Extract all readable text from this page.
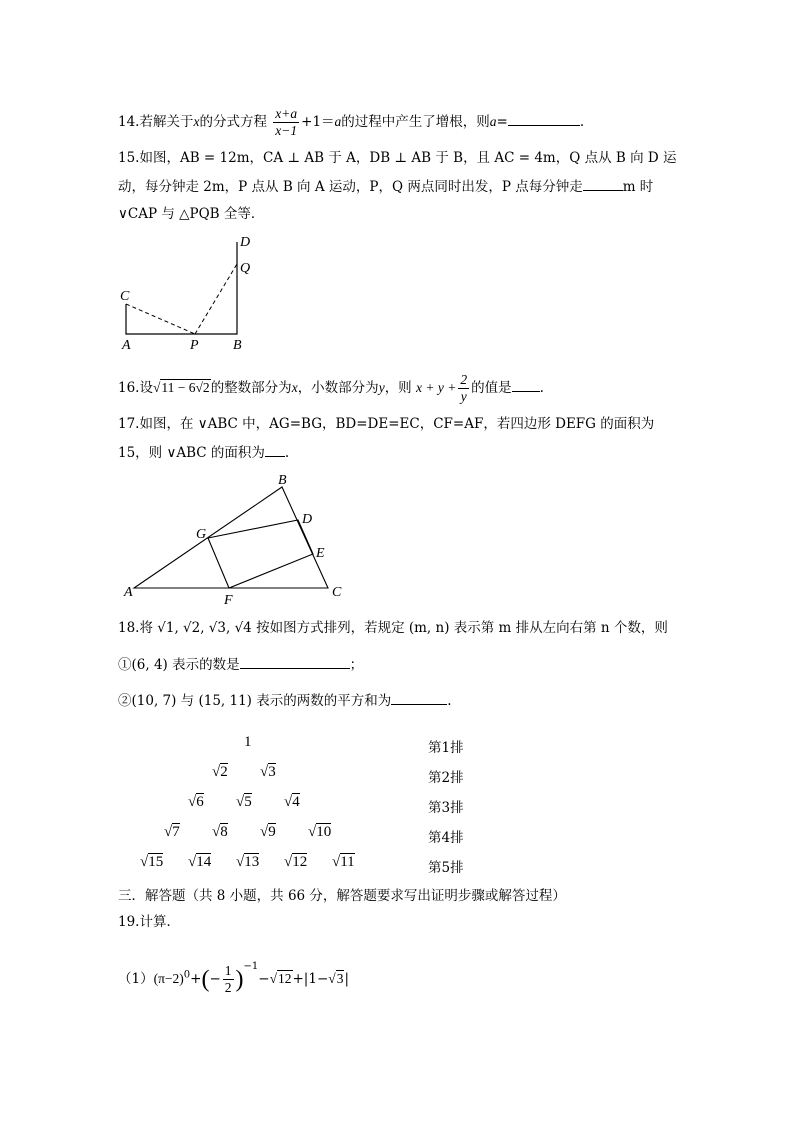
14.若解关于x的分式方程 $\frac{x+a}{x-1} +1=a$的过程中产生了增根，则a=	.
15.如图，AB = 12m，CA ⊥ AB 于 A，DB ⊥ AB 于 B，且 AC = 4m，Q 点从 B 向 D 运
动，每分钟走 2m，P 点从 B 向 A 运动，P，Q 两点同时出发，P 点每分钟走	m 时
∨CAP 与 △PQB 全等．
C
A	P B
D
Q
16.设√11 − 6√2的整数部分为x，小数部分为y，则 $x + y + \frac{2}{y}$ 的值是 .
17.如图，在 ∨ABC 中，AG=BG，BD=DE=EC，CF=AF，若四边形 DEFG 的面积为
15，则 ∨ABC 的面积为 .
A
B
C
D
E
F
G
18.将 √1, √2, √3, √4 按如图方式排列，若规定 (m, n) 表示第 m 排从左向右第 n 个数，则
①(6, 4) 表示的数是	；
②(10, 7) 与 (15, 11) 表示的两数的平方和为	.
第1排
1
第2排
√2 √3
第3排
√6 √5 √4
第4排
√7 √8 √9 √10
第5排
√15 √14 √13 √12 √11
三．解答题（共 8 小题，共 66 分，解答题要求写出证明步骤或解答过程）
19.计算．
$(1)(\pi-2)^0+(- \frac{1}{2} )^{-1}-√12+|1-√3|$
